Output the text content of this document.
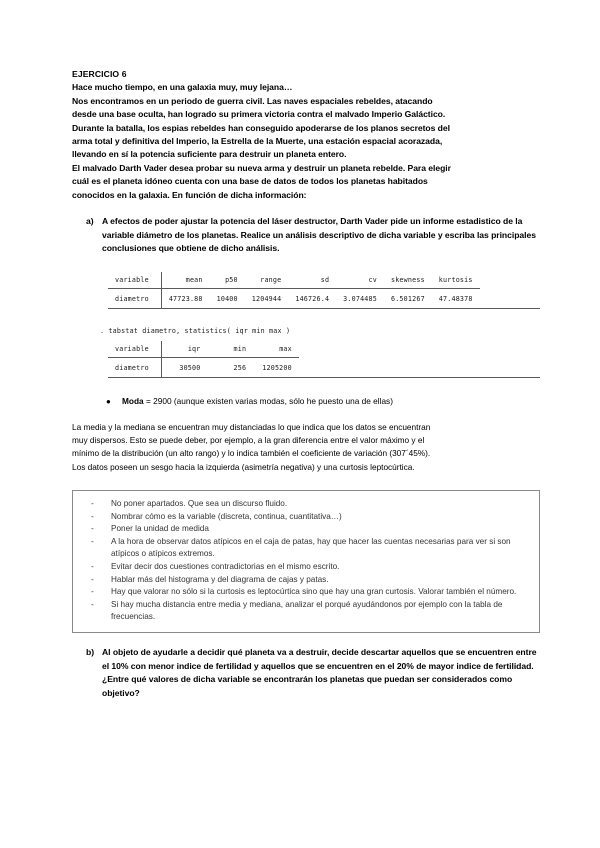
EJERCICIO 6

Hace mucho tiempo, en una galaxia muy, muy lejana…

Nos encontramos en un periodo de guerra civil. Las naves espaciales rebeldes, atacando

desde una base oculta, han logrado su primera victoria contra el malvado Imperio Galáctico.

Durante la batalla, los espias rebeldes han conseguido apoderarse de los planos secretos del

arma total y definitiva del Imperio, la Estrella de la Muerte, una estación espacial acorazada,

llevando en sí la potencia suficiente para destruir un planeta entero.

El malvado Darth Vader desea probar su nueva arma y destruir un planeta rebelde. Para elegir

cuál es el planeta idóneo cuenta con una base de datos de todos los planetas habitados

conocidos en la galaxia. En función de dicha información:

a) A efectos de poder ajustar la potencia del láser destructor, Darth Vader pide un informe estadistico de la variable diámetro de los planetas. Realice un análisis descriptivo de dicha variable y escriba las principales conclusiones que obtiene de dicho análisis.
variable	mean	p50	range	sd	cv	skewness	kurtosis
diametro	47723.88	10400	1204944	146726.4	3.074485	6.501267	47.48378
. tabstat diametro, statistics( iqr min max )
variable	iqr	min	max
diametro	30500	256	1205200
●	Moda = 2900 (aunque existen varias modas, sólo he puesto una de ellas)
La media y la mediana se encuentran muy distanciadas lo que indica que los datos se encuentran
muy dispersos. Esto se puede deber, por ejemplo, a la gran diferencia entre el valor máximo y el
mínimo de la distribución (un alto rango) y lo indica también el coeficiente de variación (307´45%).
Los datos poseen un sesgo hacia la izquierda (asimetría negativa) y una curtosis leptocúrtica.
-	No poner apartados. Que sea un discurso fluido.
-	Nombrar cómo es la variable (discreta, continua, cuantitativa…)
-	Poner la unidad de medida
-	A la hora de observar datos atípicos en el caja de patas, hay que hacer las cuentas necesarias para ver si son atípicos o atípicos extremos.
-	Evitar decir dos cuestiones contradictorias en el mismo escrito.
-	Hablar más del histograma y del diagrama de cajas y patas.
-	Hay que valorar no sólo si la curtosis es leptocúrtica sino que hay una gran curtosis. Valorar también el número.
-	Si hay mucha distancia entre media y mediana, analizar el porqué ayudándonos por ejemplo con la tabla de frecuencias.
b) Al objeto de ayudarle a decidir qué planeta va a destruir, decide descartar aquellos que se encuentren entre el 10% con menor indice de fertilidad y aquellos que se encuentren en el 20% de mayor indice de fertilidad. ¿Entre qué valores de dicha variable se encontrarán los planetas que puedan ser considerados como objetivo?
